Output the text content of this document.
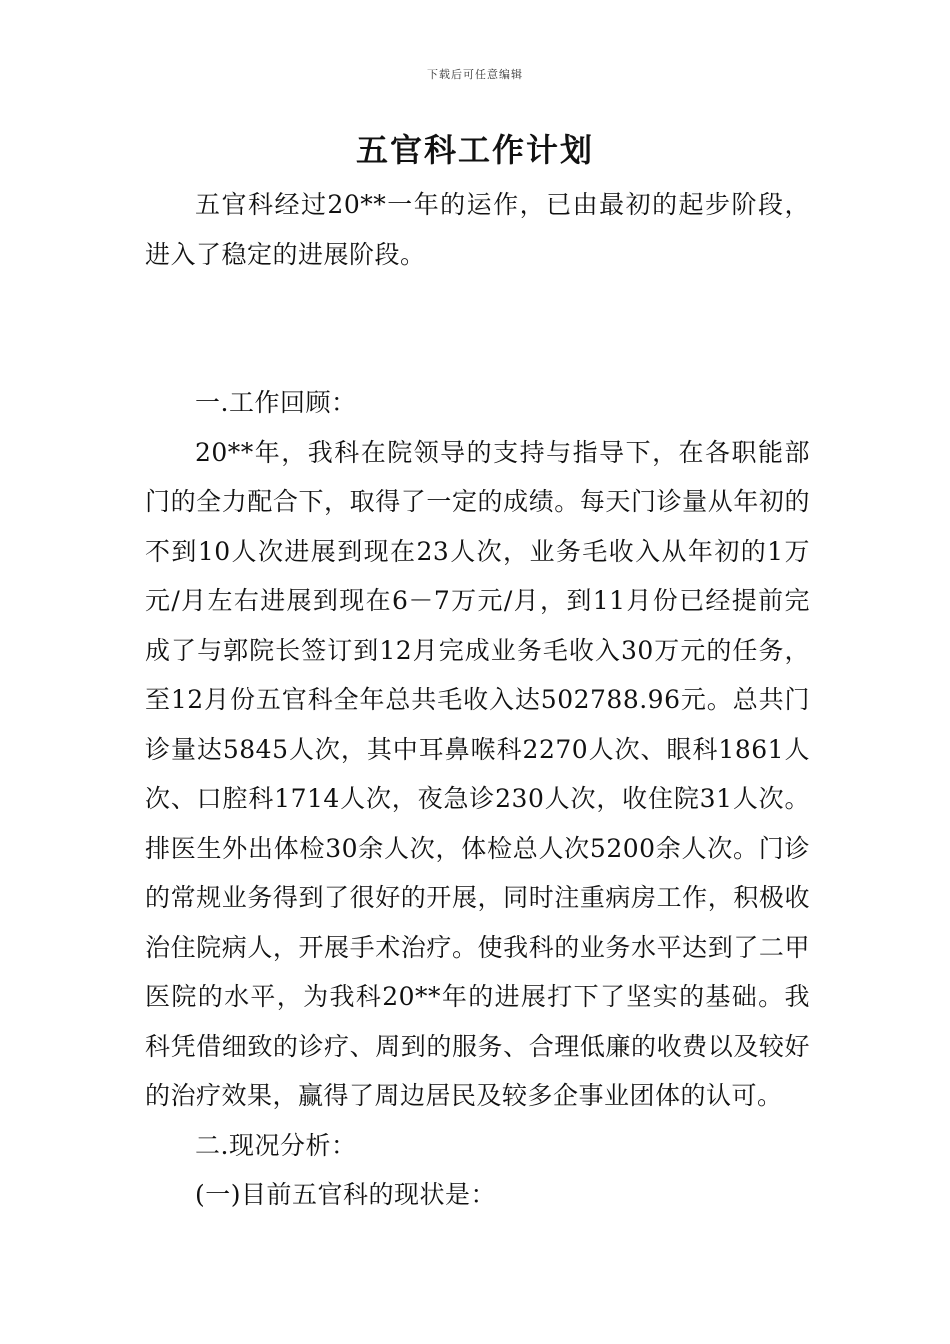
下载后可任意编辑
五官科工作计划

五官科经过20**一年的运作，已由最初的起步阶段，进入了稳定的进展阶段。

一.工作回顾：

20**年，我科在院领导的支持与指导下，在各职能部门的全力配合下，取得了一定的成绩。每天门诊量从年初的不到10人次进展到现在23人次，业务毛收入从年初的1万元/月左右进展到现在6－7万元/月，到11月份已经提前完成了与郭院长签订到12月完成业务毛收入30万元的任务，至12月份五官科全年总共毛收入达502788.96元。总共门诊量达5845人次，其中耳鼻喉科2270人次、眼科1861人次、口腔科1714人次，夜急诊230人次，收住院31人次。排医生外出体检30余人次，体检总人次5200余人次。门诊的常规业务得到了很好的开展，同时注重病房工作，积极收治住院病人，开展手术治疗。使我科的业务水平达到了二甲医院的水平，为我科20**年的进展打下了坚实的基础。我科凭借细致的诊疗、周到的服务、合理低廉的收费以及较好的治疗效果，赢得了周边居民及较多企事业团体的认可。

二.现况分析：

(一)目前五官科的现状是：
